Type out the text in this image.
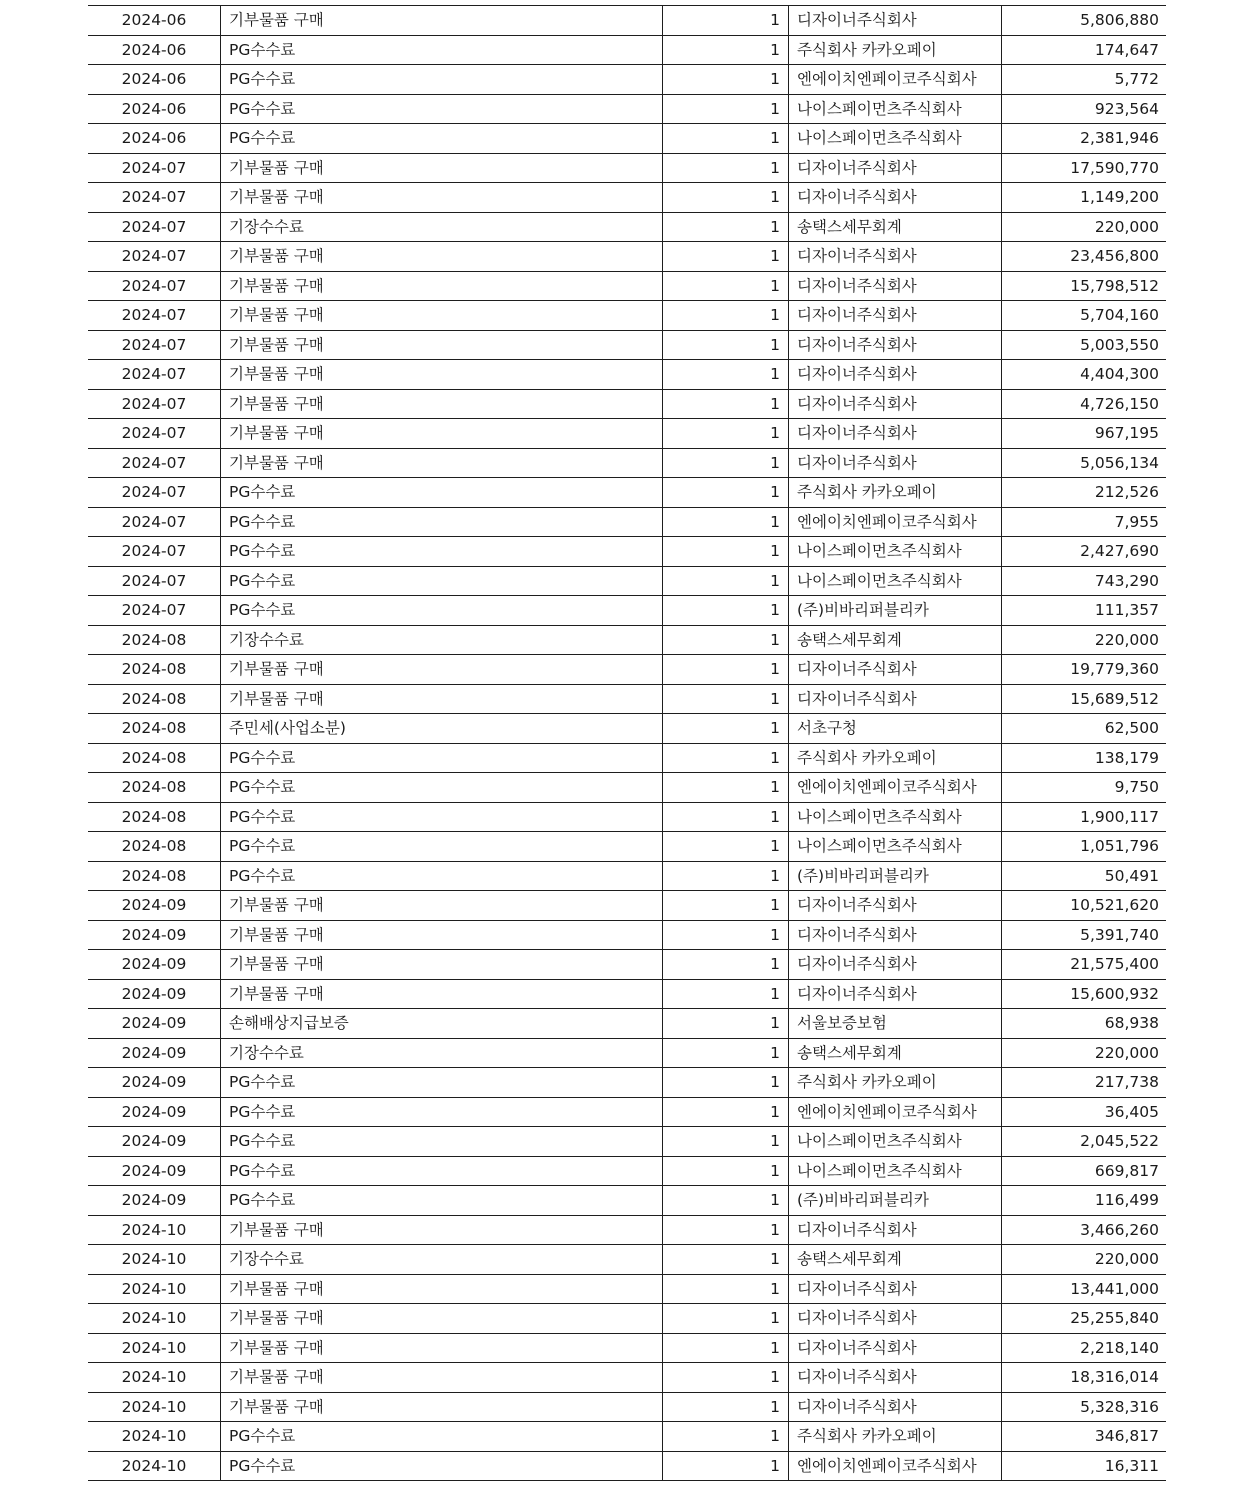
2024-06	기부물품 구매	1	디자이너주식회사	5,806,880
2024-06	PG수수료	1	주식회사 카카오페이	174,647
2024-06	PG수수료	1	엔에이치엔페이코주식회사	5,772
2024-06	PG수수료	1	나이스페이먼츠주식회사	923,564
2024-06	PG수수료	1	나이스페이먼츠주식회사	2,381,946
2024-07	기부물품 구매	1	디자이너주식회사	17,590,770
2024-07	기부물품 구매	1	디자이너주식회사	1,149,200
2024-07	기장수수료	1	송택스세무회계	220,000
2024-07	기부물품 구매	1	디자이너주식회사	23,456,800
2024-07	기부물품 구매	1	디자이너주식회사	15,798,512
2024-07	기부물품 구매	1	디자이너주식회사	5,704,160
2024-07	기부물품 구매	1	디자이너주식회사	5,003,550
2024-07	기부물품 구매	1	디자이너주식회사	4,404,300
2024-07	기부물품 구매	1	디자이너주식회사	4,726,150
2024-07	기부물품 구매	1	디자이너주식회사	967,195
2024-07	기부물품 구매	1	디자이너주식회사	5,056,134
2024-07	PG수수료	1	주식회사 카카오페이	212,526
2024-07	PG수수료	1	엔에이치엔페이코주식회사	7,955
2024-07	PG수수료	1	나이스페이먼츠주식회사	2,427,690
2024-07	PG수수료	1	나이스페이먼츠주식회사	743,290
2024-07	PG수수료	1	(주)비바리퍼블리카	111,357
2024-08	기장수수료	1	송택스세무회계	220,000
2024-08	기부물품 구매	1	디자이너주식회사	19,779,360
2024-08	기부물품 구매	1	디자이너주식회사	15,689,512
2024-08	주민세(사업소분)	1	서초구청	62,500
2024-08	PG수수료	1	주식회사 카카오페이	138,179
2024-08	PG수수료	1	엔에이치엔페이코주식회사	9,750
2024-08	PG수수료	1	나이스페이먼츠주식회사	1,900,117
2024-08	PG수수료	1	나이스페이먼츠주식회사	1,051,796
2024-08	PG수수료	1	(주)비바리퍼블리카	50,491
2024-09	기부물품 구매	1	디자이너주식회사	10,521,620
2024-09	기부물품 구매	1	디자이너주식회사	5,391,740
2024-09	기부물품 구매	1	디자이너주식회사	21,575,400
2024-09	기부물품 구매	1	디자이너주식회사	15,600,932
2024-09	손해배상지급보증	1	서울보증보험	68,938
2024-09	기장수수료	1	송택스세무회계	220,000
2024-09	PG수수료	1	주식회사 카카오페이	217,738
2024-09	PG수수료	1	엔에이치엔페이코주식회사	36,405
2024-09	PG수수료	1	나이스페이먼츠주식회사	2,045,522
2024-09	PG수수료	1	나이스페이먼츠주식회사	669,817
2024-09	PG수수료	1	(주)비바리퍼블리카	116,499
2024-10	기부물품 구매	1	디자이너주식회사	3,466,260
2024-10	기장수수료	1	송택스세무회계	220,000
2024-10	기부물품 구매	1	디자이너주식회사	13,441,000
2024-10	기부물품 구매	1	디자이너주식회사	25,255,840
2024-10	기부물품 구매	1	디자이너주식회사	2,218,140
2024-10	기부물품 구매	1	디자이너주식회사	18,316,014
2024-10	기부물품 구매	1	디자이너주식회사	5,328,316
2024-10	PG수수료	1	주식회사 카카오페이	346,817
2024-10	PG수수료	1	엔에이치엔페이코주식회사	16,311
